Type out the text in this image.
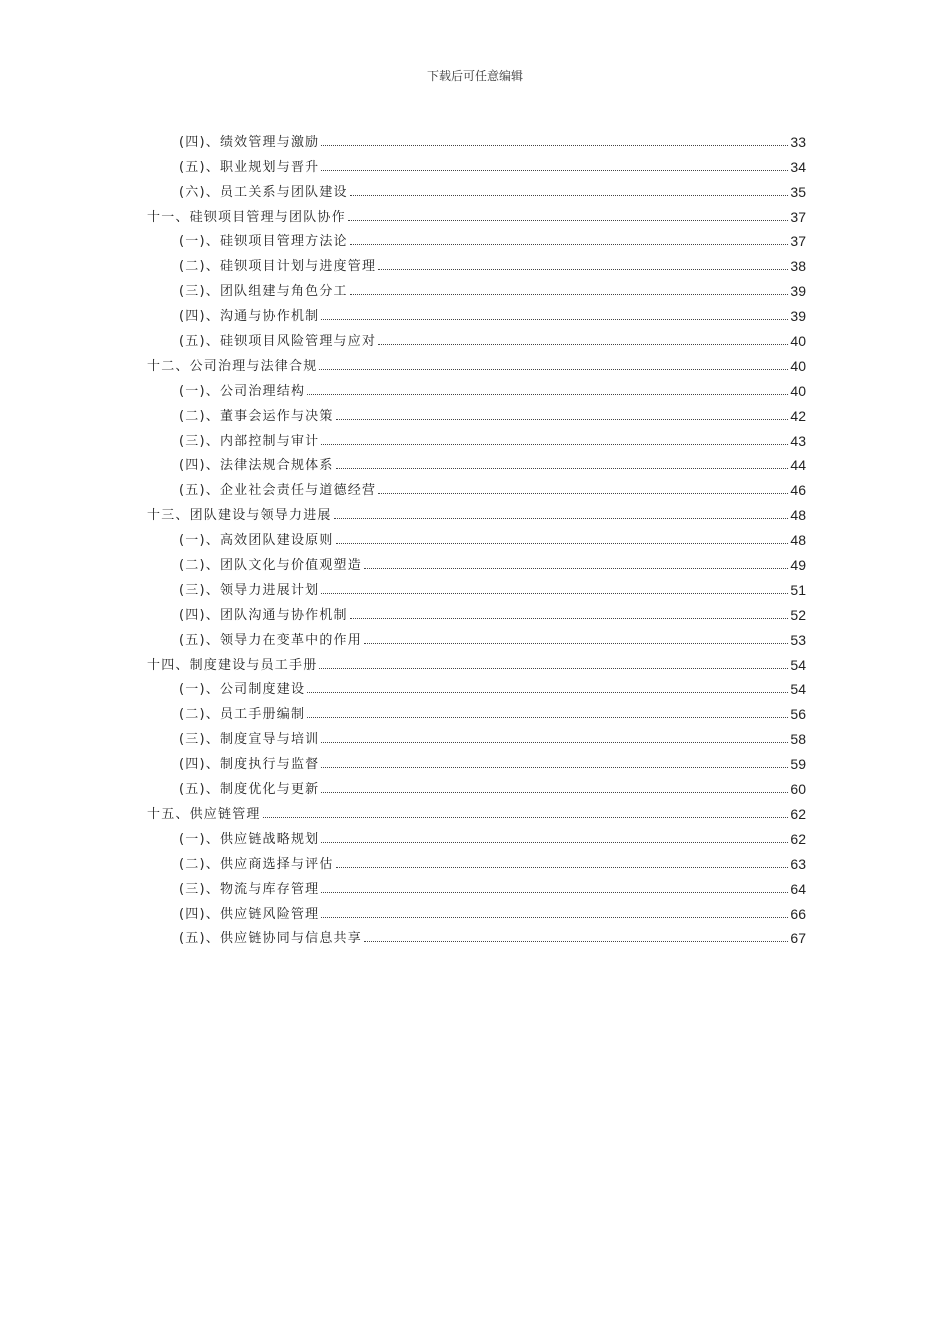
下载后可任意编辑
(四)、绩效管理与激励	33
(五)、职业规划与晋升	34
(六)、员工关系与团队建设	35
十一、硅钡项目管理与团队协作	37
(一)、硅钡项目管理方法论	37
(二)、硅钡项目计划与进度管理	38
(三)、团队组建与角色分工	39
(四)、沟通与协作机制	39
(五)、硅钡项目风险管理与应对	40
十二、公司治理与法律合规	40
(一)、公司治理结构	40
(二)、董事会运作与决策	42
(三)、内部控制与审计	43
(四)、法律法规合规体系	44
(五)、企业社会责任与道德经营	46
十三、团队建设与领导力进展	48
(一)、高效团队建设原则	48
(二)、团队文化与价值观塑造	49
(三)、领导力进展计划	51
(四)、团队沟通与协作机制	52
(五)、领导力在变革中的作用	53
十四、制度建设与员工手册	54
(一)、公司制度建设	54
(二)、员工手册编制	56
(三)、制度宣导与培训	58
(四)、制度执行与监督	59
(五)、制度优化与更新	60
十五、供应链管理	62
(一)、供应链战略规划	62
(二)、供应商选择与评估	63
(三)、物流与库存管理	64
(四)、供应链风险管理	66
(五)、供应链协同与信息共享	67
